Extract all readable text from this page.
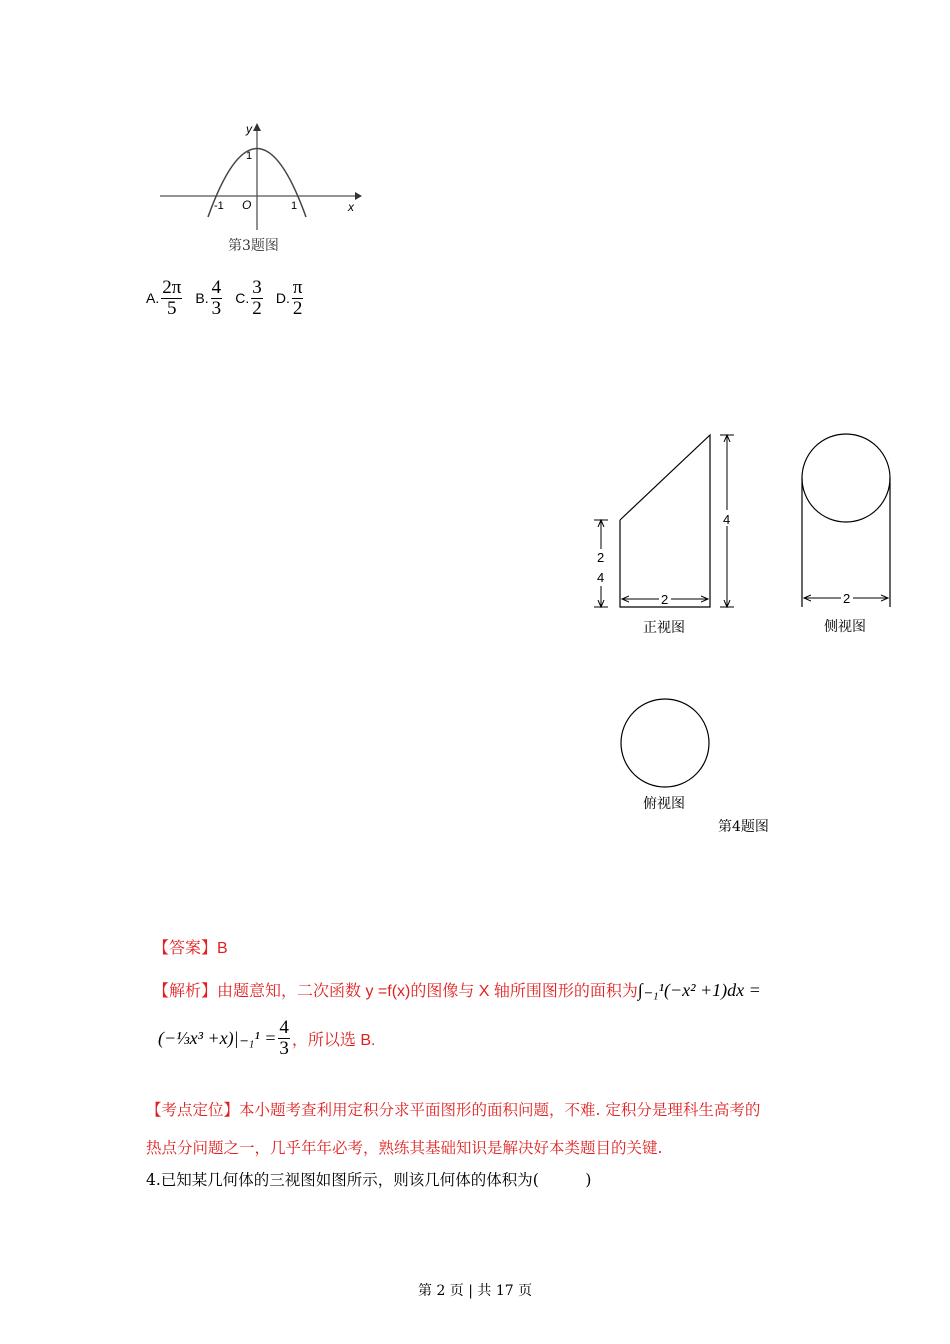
x
y
O
-1	1
1
第3题图
A. $\frac{2\pi}{5} B$. $\frac{4}{3} C$. $\frac{3}{2} D$. $\frac{\pi}{2}$
2
4
4
2	2
正视图	侧视图
俯视图
第4题图
【答案】B
【解析】由题意知，二次函数 y =f(x)的图像与 X 轴所围图形的面积为∫₋₁¹(−x² +1)dx =
(−⅓x³ $+x)|_{-1}^1 = \frac{4}{3}$ ，所以选 B.
【考点定位】本小题考查利用定积分求平面图形的面积问题，不难. 定积分是理科生高考的
热点分问题之一，几乎年年必考，熟练其基础知识是解决好本类题目的关键.
4.已知某几何体的三视图如图所示，则该几何体的体积为(　　　)
第 2 页 | 共 17 页
